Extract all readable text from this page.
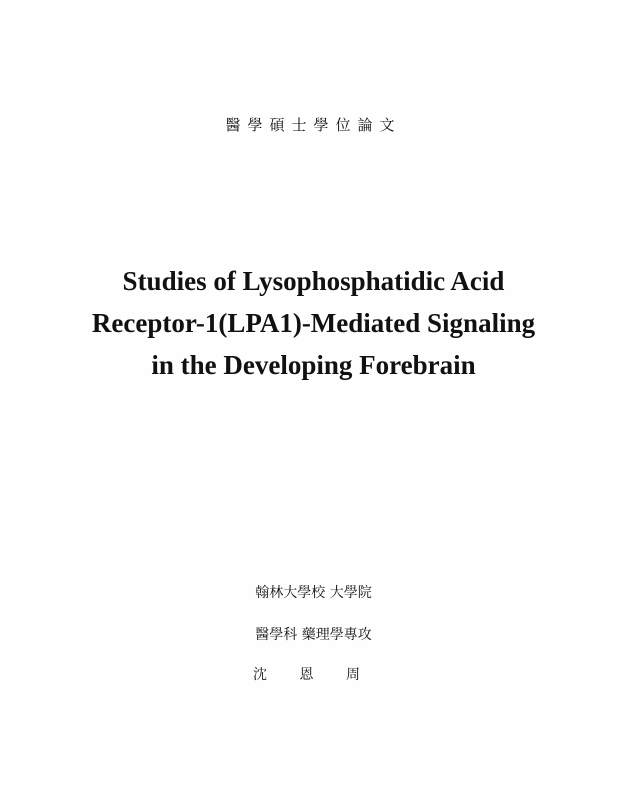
醫學碩士學位論文
Studies of Lysophosphatidic Acid
Receptor-1(LPA1)-Mediated Signaling
in the Developing Forebrain
翰林大學校 大學院
醫學科 藥理學專攻
沈 恩 周
